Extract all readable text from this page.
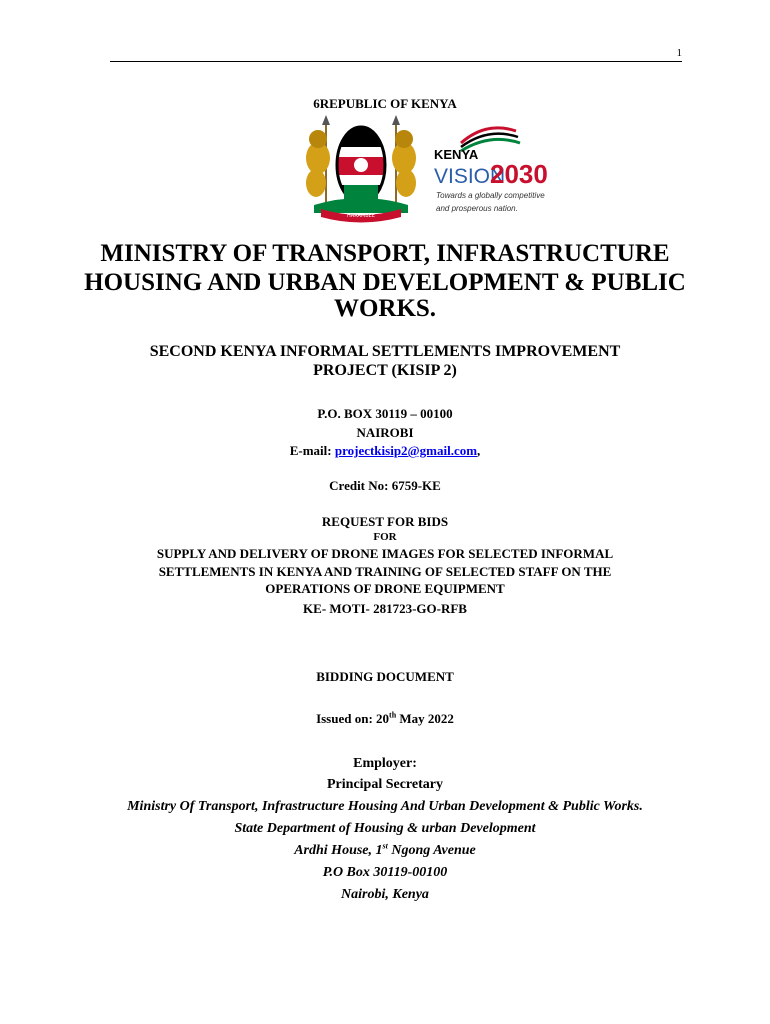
1
6REPUBLIC OF KENYA
HARAMBEE
KENYA
VISION
2030
Towards a globally competitive
and prosperous nation.
MINISTRY OF TRANSPORT, INFRASTRUCTURE
HOUSING AND URBAN DEVELOPMENT & PUBLIC
WORKS.
SECOND KENYA INFORMAL SETTLEMENTS IMPROVEMENT
PROJECT (KISIP 2)
P.O. BOX 30119 – 00100
NAIROBI
E-mail: projectkisip2@gmail.com,
Credit No: 6759-KE
REQUEST FOR BIDS
FOR
SUPPLY AND DELIVERY OF DRONE IMAGES FOR SELECTED INFORMAL
SETTLEMENTS IN KENYA AND TRAINING OF SELECTED STAFF ON THE
OPERATIONS OF DRONE EQUIPMENT
KE- MOTI- 281723-GO-RFB
BIDDING DOCUMENT
Issued on: 20th May 2022
Employer:
Principal Secretary
Ministry Of Transport, Infrastructure Housing And Urban Development & Public Works.
State Department of Housing & urban Development
Ardhi House, 1st Ngong Avenue
P.O Box 30119-00100
Nairobi, Kenya
